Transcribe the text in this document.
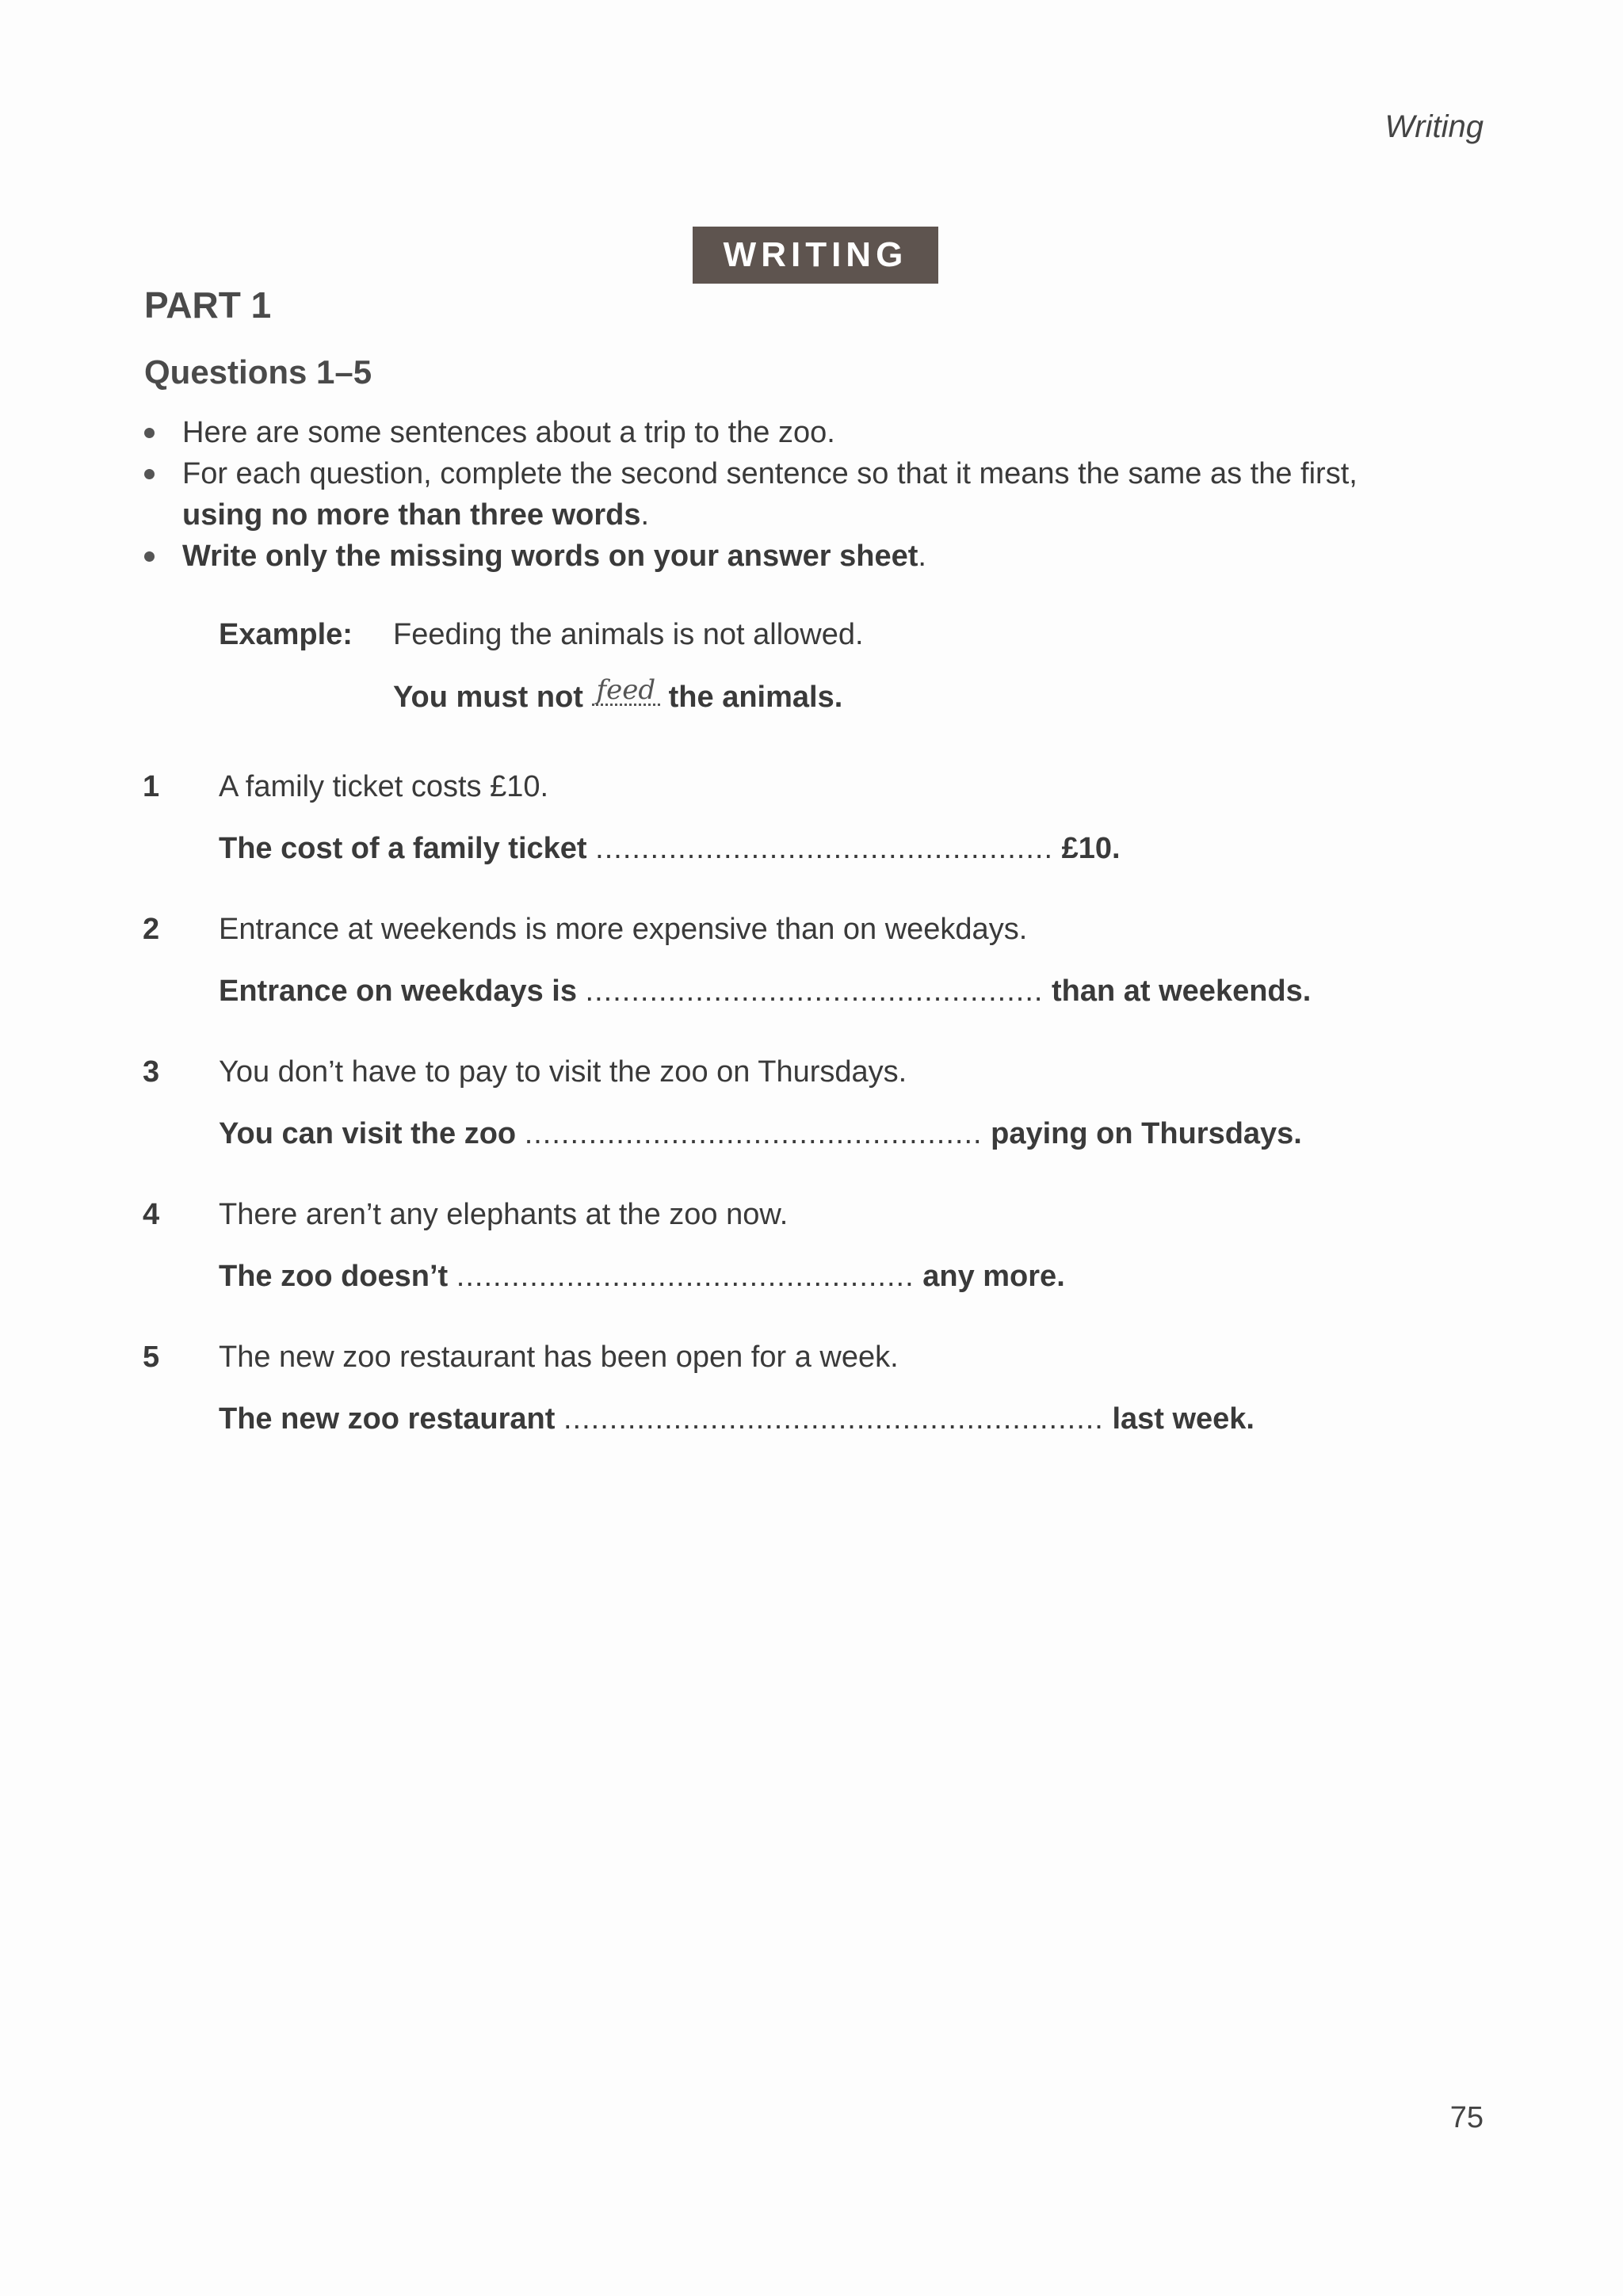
Writing
WRITING
PART 1
Questions 1–5
Here are some sentences about a trip to the zoo.
For each question, complete the second sentence so that it means the same as the first,
using no more than three words.
Write only the missing words on your answer sheet.
Example: Feeding the animals is not allowed.
You must not feed the animals.
1 A family ticket costs £10.
The cost of a family ticket .................................................. £10.
2 Entrance at weekends is more expensive than on weekdays.
Entrance on weekdays is .................................................. than at weekends.
3 You don’t have to pay to visit the zoo on Thursdays.
You can visit the zoo .................................................. paying on Thursdays.
4 There aren’t any elephants at the zoo now.
The zoo doesn’t .................................................. any more.
5 The new zoo restaurant has been open for a week.
The new zoo restaurant ........................................................... last week.
75
